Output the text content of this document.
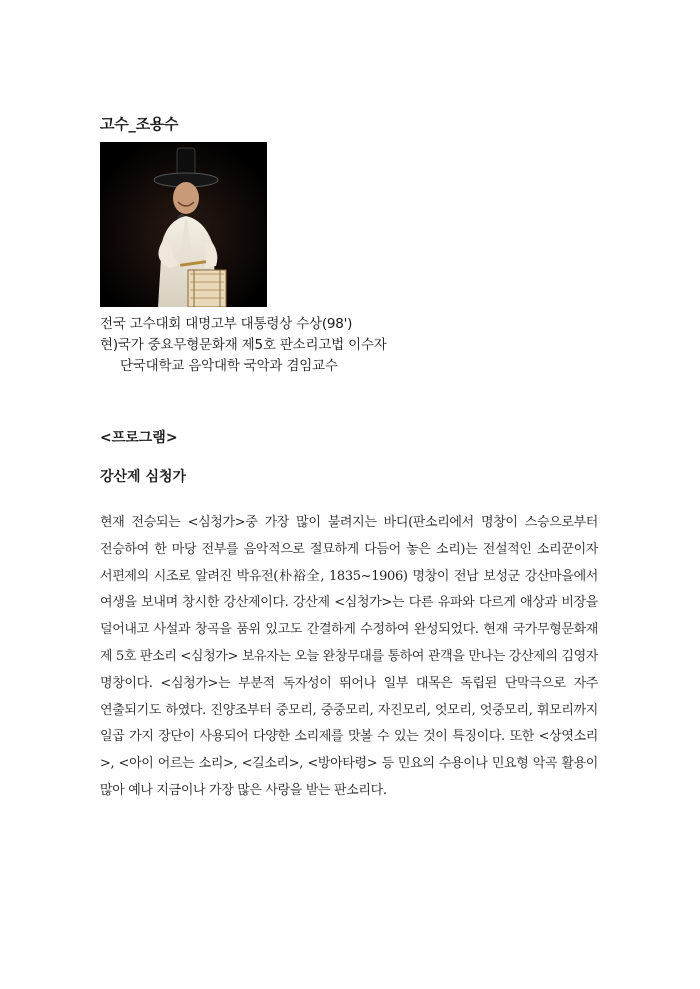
고수_조용수
전국 고수대회 대명고부 대통령상 수상(98')
현)국가 중요무형문화재 제5호 판소리고법 이수자
단국대학교 음악대학 국악과 겸임교수
<프로그램>
강산제 심청가
현재 전승되는 <심청가>중 가장 많이 불려지는 바디(판소리에서 명창이 스승으로부터 전승하여 한 마당 전부를 음악적으로 절묘하게 다듬어 놓은 소리)는 전설적인 소리꾼이자 서편제의 시조로 알려진 박유전(朴裕全, 1835~1906) 명창이 전남 보성군 강산마을에서 여생을 보내며 창시한 강산제이다. 강산제 <심청가>는 다른 유파와 다르게 애상과 비장을 덜어내고 사설과 창곡을 품위 있고도 간결하게 수정하여 완성되었다. 현재 국가무형문화재 제 5호 판소리 <심청가> 보유자는 오늘 완창무대를 통하여 관객을 만나는 강산제의 김영자 명창이다. <심청가>는 부분적 독자성이 뛰어나 일부 대목은 독립된 단막극으로 자주 연출되기도 하였다. 진양조부터 중모리, 중중모리, 자진모리, 엇모리, 엇중모리, 휘모리까지 일곱 가지 장단이 사용되어 다양한 소리제를 맛볼 수 있는 것이 특징이다. 또한 <상엿소리>, <아이 어르는 소리>, <길소리>, <방아타령> 등 민요의 수용이나 민요형 악곡 활용이 많아 예나 지금이나 가장 많은 사랑을 받는 판소리다.
